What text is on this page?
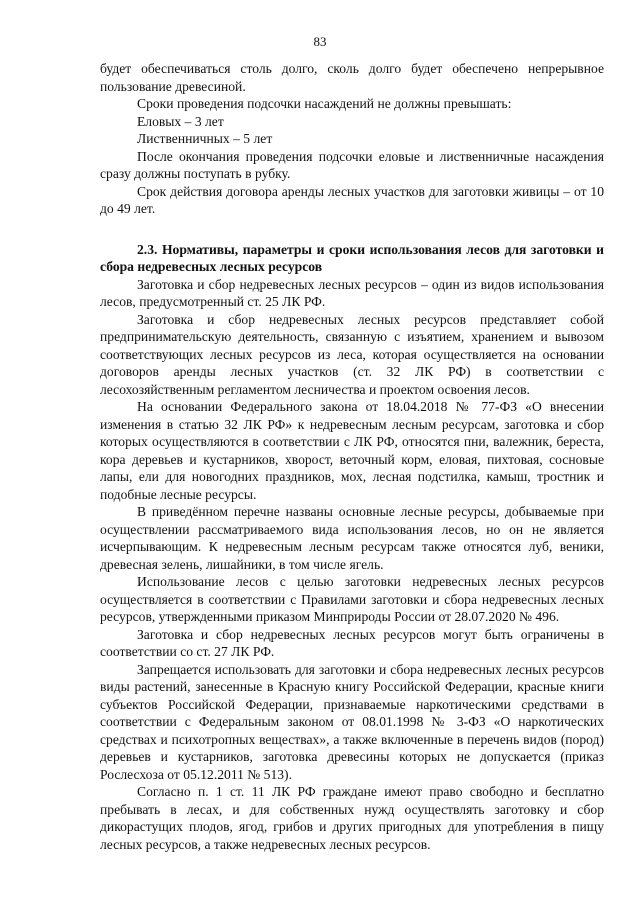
83

будет обеспечиваться столь долго, сколь долго будет обеспечено непрерывное пользование древесиной.

Сроки проведения подсочки насаждений не должны превышать:

Еловых – 3 лет

Лиственничных – 5 лет

После окончания проведения подсочки еловые и лиственничные насаждения сразу должны поступать в рубку.

Срок действия договора аренды лесных участков для заготовки живицы – от 10 до 49 лет.

2.3. Нормативы, параметры и сроки использования лесов для заготовки и сбора недревесных лесных ресурсов

Заготовка и сбор недревесных лесных ресурсов – один из видов использования лесов, предусмотренный ст. 25 ЛК РФ.

Заготовка и сбор недревесных лесных ресурсов представляет собой предпринимательскую деятельность, связанную с изъятием, хранением и вывозом соответствующих лесных ресурсов из леса, которая осуществляется на основании договоров аренды лесных участков (ст. 32 ЛК РФ) в соответствии с лесохозяйственным регламентом лесничества и проектом освоения лесов.

На основании Федерального закона от 18.04.2018 № 77-ФЗ «О внесении изменения в статью 32 ЛК РФ» к недревесным лесным ресурсам, заготовка и сбор которых осуществляются в соответствии с ЛК РФ, относятся пни, валежник, береста, кора деревьев и кустарников, хворост, веточный корм, еловая, пихтовая, сосновые лапы, ели для новогодних праздников, мох, лесная подстилка, камыш, тростник и подобные лесные ресурсы.

В приведённом перечне названы основные лесные ресурсы, добываемые при осуществлении рассматриваемого вида использования лесов, но он не является исчерпывающим. К недревесным лесным ресурсам также относятся луб, веники, древесная зелень, лишайники, в том числе ягель.

Использование лесов с целью заготовки недревесных лесных ресурсов осуществляется в соответствии с Правилами заготовки и сбора недревесных лесных ресурсов, утвержденными приказом Минприроды России от 28.07.2020 № 496.

Заготовка и сбор недревесных лесных ресурсов могут быть ограничены в соответствии со ст. 27 ЛК РФ.

Запрещается использовать для заготовки и сбора недревесных лесных ресурсов виды растений, занесенные в Красную книгу Российской Федерации, красные книги субъектов Российской Федерации, признаваемые наркотическими средствами в соответствии с Федеральным законом от 08.01.1998 № 3-ФЗ «О наркотических средствах и психотропных веществах», а также включенные в перечень видов (пород) деревьев и кустарников, заготовка древесины которых не допускается (приказ Рослесхоза от 05.12.2011 № 513).

Согласно п. 1 ст. 11 ЛК РФ граждане имеют право свободно и бесплатно пребывать в лесах, и для собственных нужд осуществлять заготовку и сбор дикорастущих плодов, ягод, грибов и других пригодных для употребления в пищу лесных ресурсов, а также недревесных лесных ресурсов.
